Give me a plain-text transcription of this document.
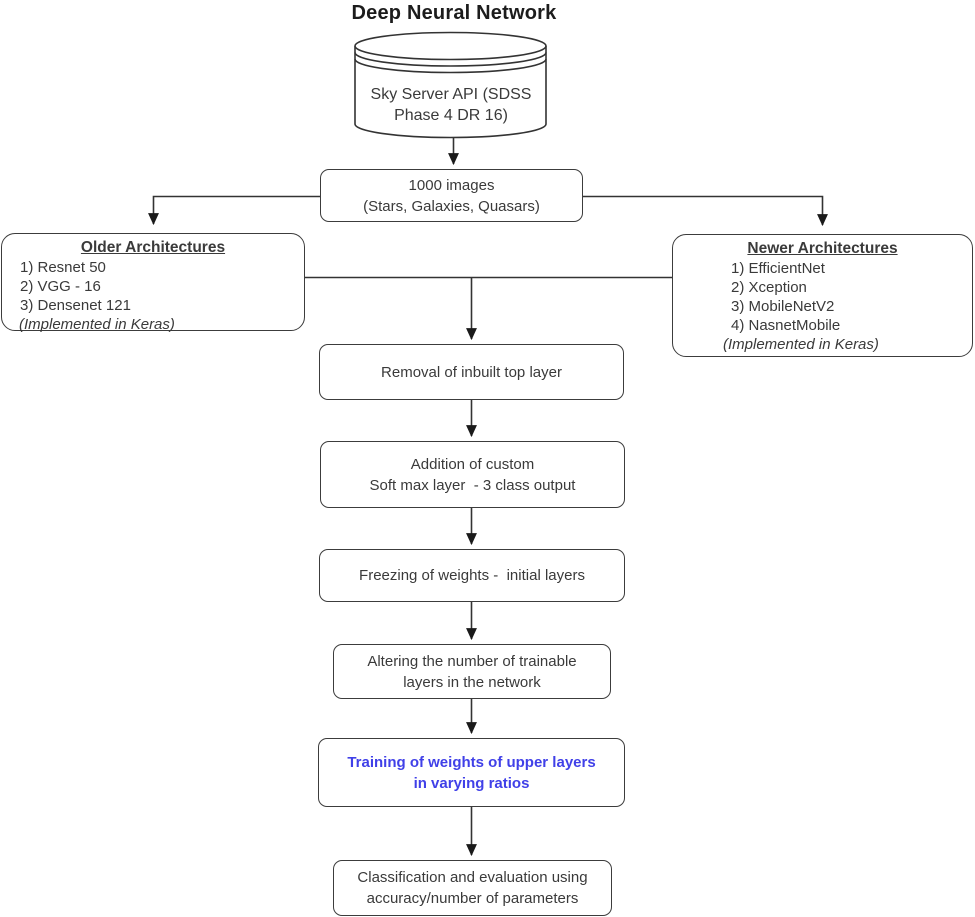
Deep Neural Network
Sky Server API (SDSS
Phase 4 DR 16)
1000 images
(Stars, Galaxies, Quasars)
Older Architectures
1) Resnet 50
2) VGG - 16
3) Densenet 121
(Implemented in Keras)
Newer Architectures
1) EfficientNet
2) Xception
3) MobileNetV2
4) NasnetMobile
(Implemented in Keras)
Removal of inbuilt top layer
Addition of custom
Soft max layer  - 3 class output
Freezing of weights -  initial layers
Altering the number of trainable
layers in the network
Training of weights of upper layers
in varying ratios
Classification and evaluation using
accuracy/number of parameters
